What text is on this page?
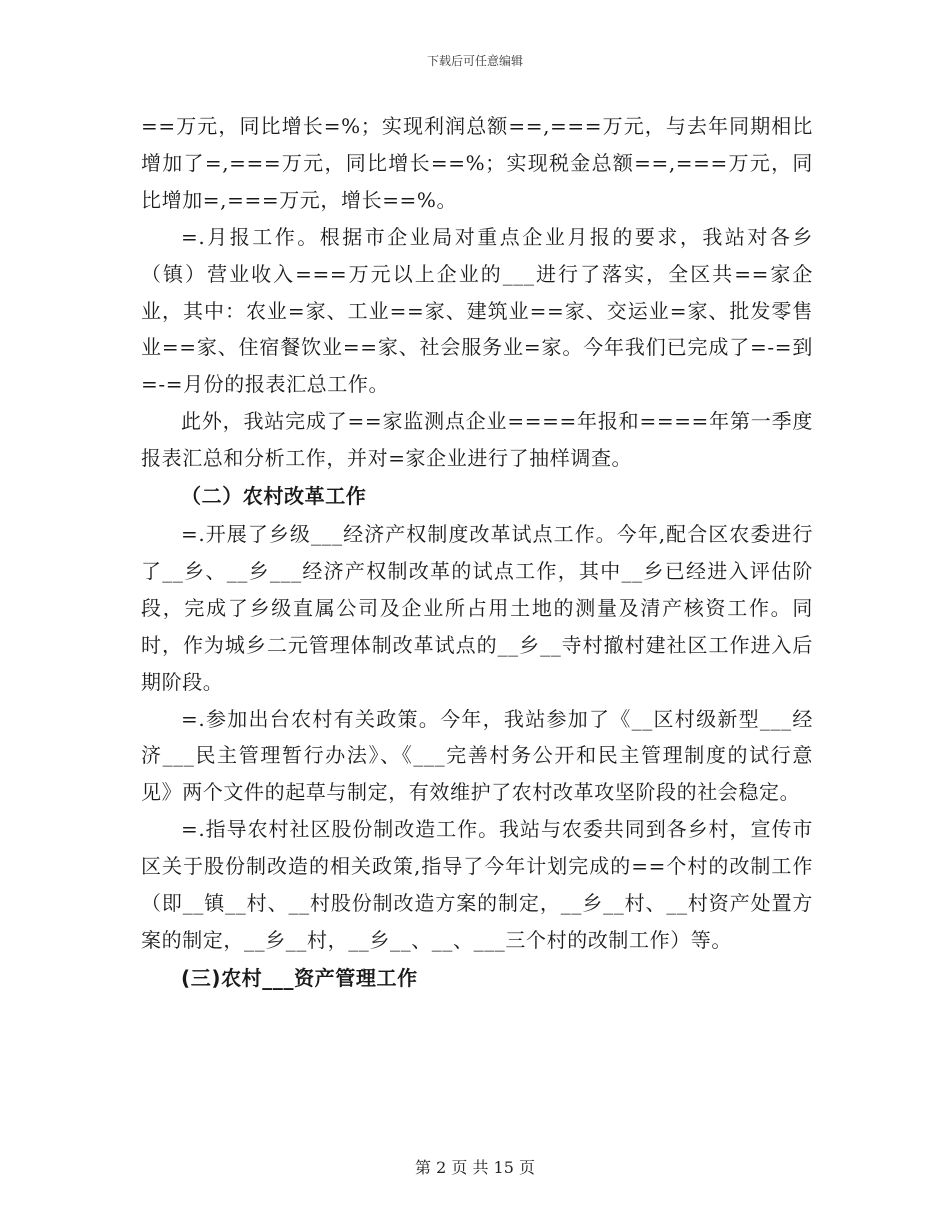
下载后可任意编辑

==万元，同比增长=%；实现利润总额==,===万元，与去年同期相比增加了=,===万元，同比增长==%；实现税金总额==,===万元，同比增加=,===万元，增长==%。

=.月报工作。根据市企业局对重点企业月报的要求，我站对各乡（镇）营业收入===万元以上企业的___进行了落实，全区共==家企业，其中：农业=家、工业==家、建筑业==家、交运业=家、批发零售业==家、住宿餐饮业==家、社会服务业=家。今年我们已完成了=-=到=-=月份的报表汇总工作。

此外，我站完成了==家监测点企业====年报和====年第一季度报表汇总和分析工作，并对=家企业进行了抽样调查。

（二）农村改革工作

=.开展了乡级___经济产权制度改革试点工作。今年,配合区农委进行了__乡、__乡___经济产权制改革的试点工作，其中__乡已经进入评估阶段，完成了乡级直属公司及企业所占用土地的测量及清产核资工作。同时，作为城乡二元管理体制改革试点的__乡__寺村撤村建社区工作进入后期阶段。

=.参加出台农村有关政策。今年，我站参加了《__区村级新型___经济___民主管理暂行办法》、《___完善村务公开和民主管理制度的试行意见》两个文件的起草与制定，有效维护了农村改革攻坚阶段的社会稳定。

=.指导农村社区股份制改造工作。我站与农委共同到各乡村，宣传市区关于股份制改造的相关政策,指导了今年计划完成的==个村的改制工作（即__镇__村、__村股份制改造方案的制定，__乡__村、__村资产处置方案的制定，__乡__村，__乡__、__、___三个村的改制工作）等。

(三)农村___资产管理工作

第 2 页 共 15 页
